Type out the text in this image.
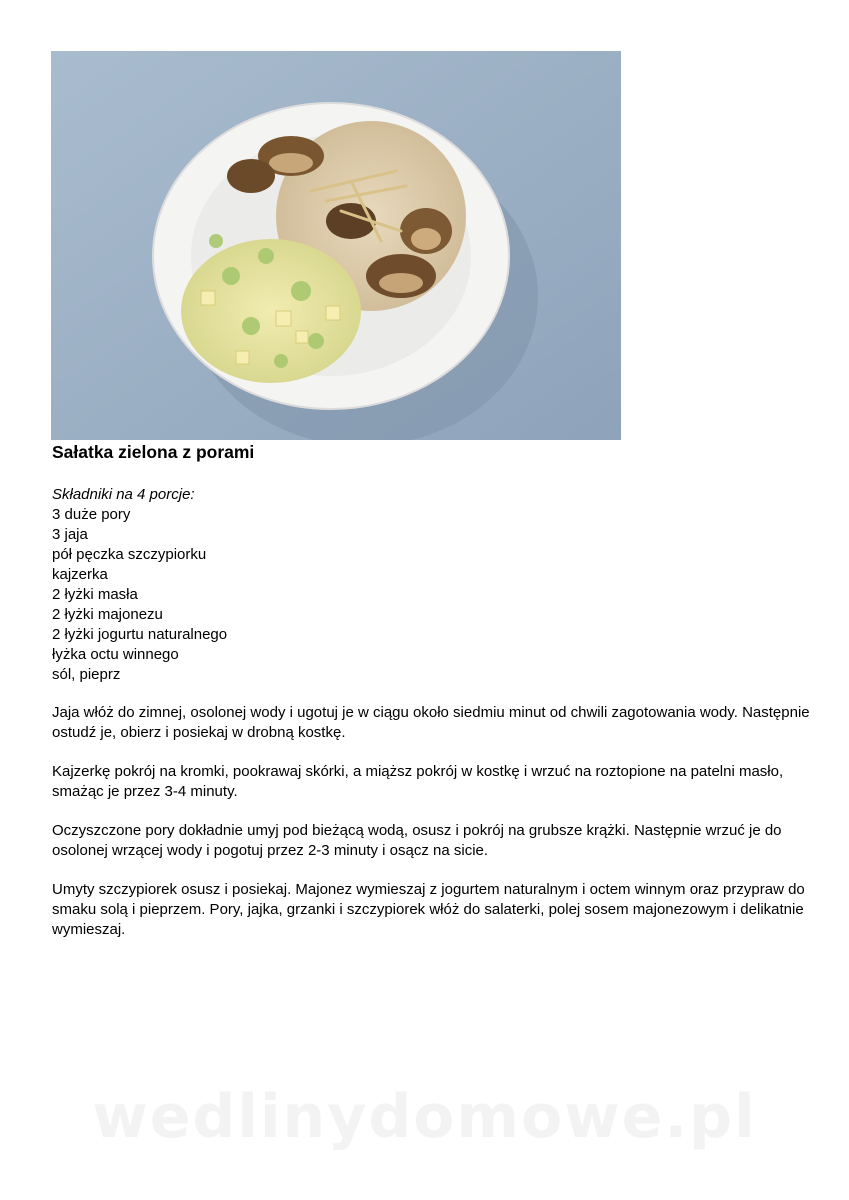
Sałatka zielona z porami
Składniki na 4 porcje:
3 duże pory
3 jaja
pół pęczka szczypiorku
kajzerka
2 łyżki masła
2 łyżki majonezu
2 łyżki jogurtu naturalnego
łyżka octu winnego
sól, pieprz

Jaja włóż do zimnej, osolonej wody i ugotuj je w ciągu około siedmiu minut od chwili zagotowania wody. Następnie ostudź je, obierz i posiekaj w drobną kostkę.

Kajzerkę pokrój na kromki, pookrawaj skórki, a miąższ pokrój w kostkę i wrzuć na roztopione na patelni masło, smażąc je przez 3-4 minuty.

Oczyszczone pory dokładnie umyj pod bieżącą wodą, osusz i pokrój na grubsze krążki. Następnie wrzuć je do osolonej wrzącej wody i pogotuj przez 2-3 minuty i osącz na sicie.

Umyty szczypiorek osusz i posiekaj. Majonez wymieszaj z jogurtem naturalnym i octem winnym oraz przypraw do smaku solą i pieprzem. Pory, jajka, grzanki i szczypiorek włóż do salaterki, polej sosem majonezowym i delikatnie wymieszaj.

wedlinydomowe.pl
